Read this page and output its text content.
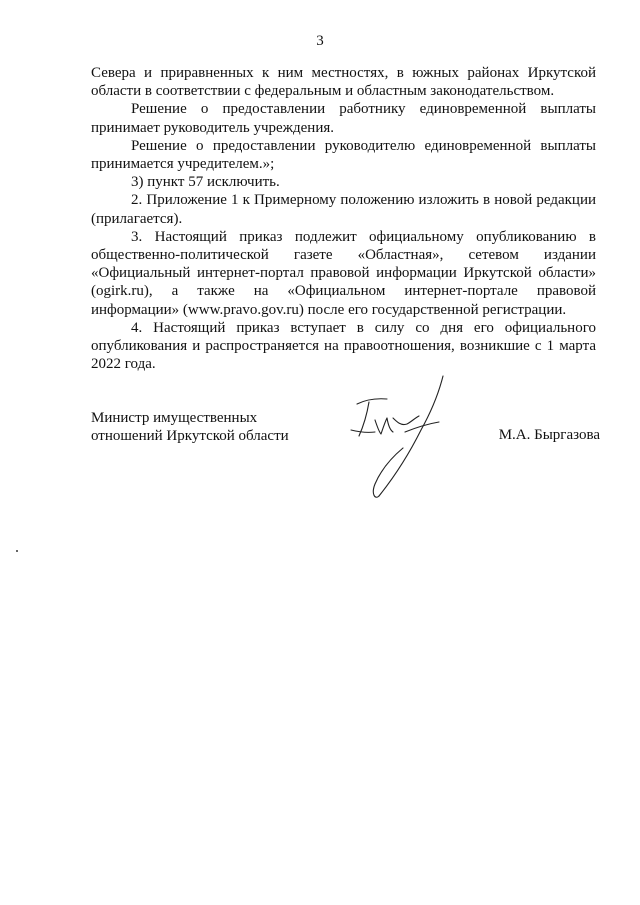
3

Севера и приравненных к ним местностях, в южных районах Иркутской области в соответствии с федеральным и областным законодательством.

Решение о предоставлении работнику единовременной выплаты принимает руководитель учреждения.

Решение о предоставлении руководителю единовременной выплаты принимается учредителем.»;

3) пункт 57 исключить.

2. Приложение 1 к Примерному положению изложить в новой редакции (прилагается).

3. Настоящий приказ подлежит официальному опубликованию в общественно-политической газете «Областная», сетевом издании «Официальный интернет-портал правовой информации Иркутской области» (ogirk.ru), а также на «Официальном интернет-портале правовой информации» (www.pravo.gov.ru) после его государственной регистрации.

4. Настоящий приказ вступает в силу со дня его официального опубликования и распространяется на правоотношения, возникшие с 1 марта 2022 года.

Министр имущественных
отношений Иркутской области	М.А. Быргазова
